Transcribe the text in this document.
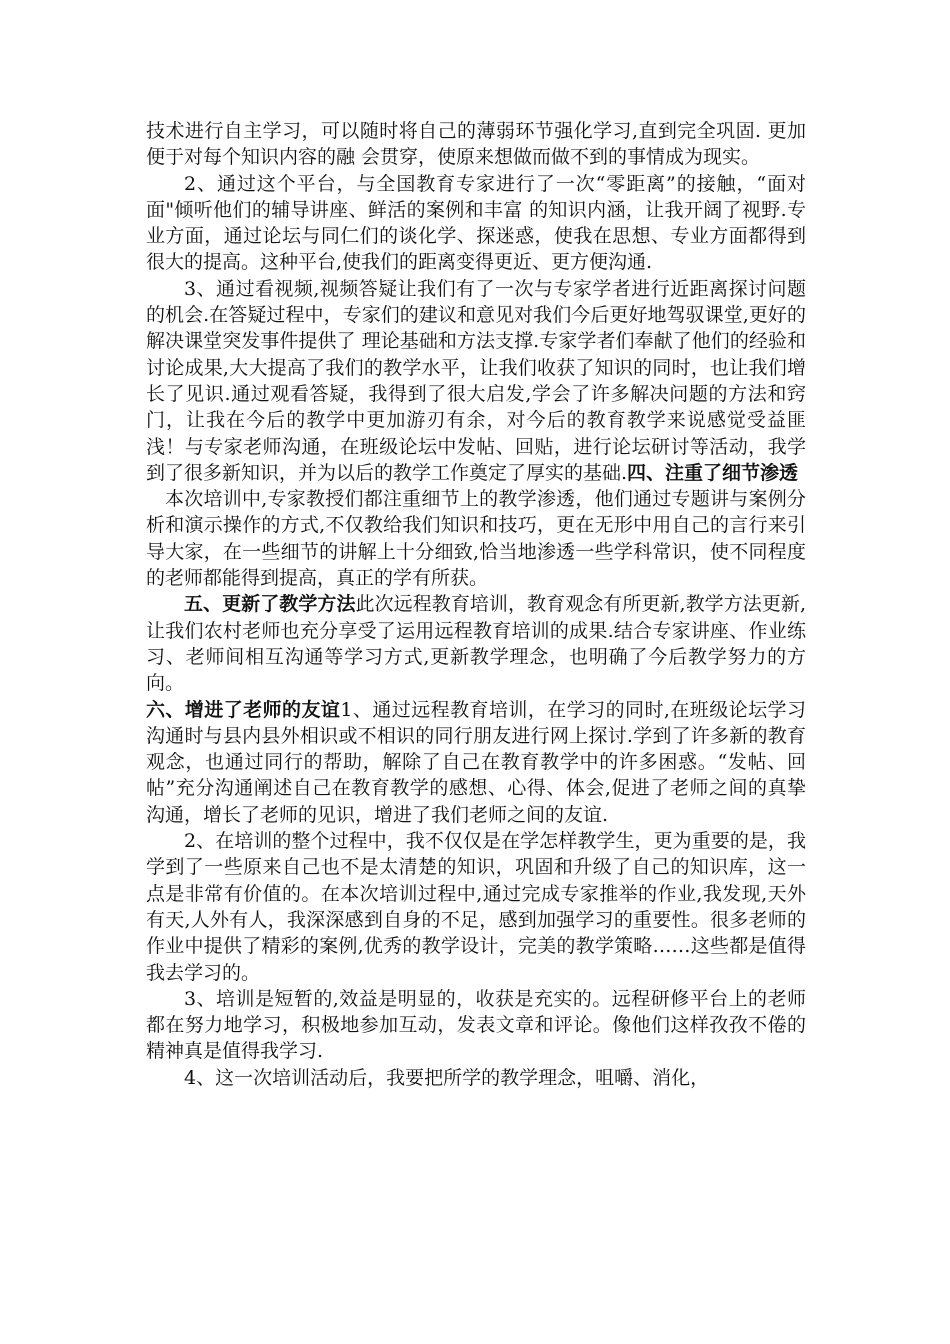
技术进行自主学习，可以随时将自己的薄弱环节强化学习,直到完全巩固. 更加便于对每个知识内容的融 会贯穿，使原来想做而做不到的事情成为现实。

2、通过这个平台，与全国教育专家进行了一次“零距离”的接触，“面对面"倾听他们的辅导讲座、鲜活的案例和丰富 的知识内涵，让我开阔了视野.专业方面，通过论坛与同仁们的谈化学、探迷惑，使我在思想、专业方面都得到很大的提高。这种平台,使我们的距离变得更近、更方便沟通.

3、通过看视频,视频答疑让我们有了一次与专家学者进行近距离探讨问题的机会.在答疑过程中，专家们的建议和意见对我们今后更好地驾驭课堂,更好的解决课堂突发事件提供了 理论基础和方法支撑.专家学者们奉献了他们的经验和讨论成果,大大提高了我们的教学水平，让我们收获了知识的同时，也让我们增长了见识.通过观看答疑，我得到了很大启发,学会了许多解决问题的方法和窍门，让我在今后的教学中更加游刃有余，对今后的教育教学来说感觉受益匪浅！与专家老师沟通，在班级论坛中发帖、回贴，进行论坛研讨等活动，我学到了很多新知识，并为以后的教学工作奠定了厚实的基础.四、注重了细节渗透

本次培训中,专家教授们都注重细节上的教学渗透，他们通过专题讲与案例分析和演示操作的方式,不仅教给我们知识和技巧，更在无形中用自己的言行来引导大家，在一些细节的讲解上十分细致,恰当地渗透一些学科常识，使不同程度的老师都能得到提高，真正的学有所获。

五、更新了教学方法此次远程教育培训，教育观念有所更新,教学方法更新,让我们农村老师也充分享受了运用远程教育培训的成果.结合专家讲座、作业练习、老师间相互沟通等学习方式,更新教学理念，也明确了今后教学努力的方向。

六、增进了老师的友谊1、通过远程教育培训，在学习的同时,在班级论坛学习沟通时与县内县外相识或不相识的同行朋友进行网上探讨.学到了许多新的教育观念，也通过同行的帮助，解除了自己在教育教学中的许多困惑。“发帖、回帖”充分沟通阐述自己在教育教学的感想、心得、体会,促进了老师之间的真挚沟通，增长了老师的见识，增进了我们老师之间的友谊.

2、在培训的整个过程中，我不仅仅是在学怎样教学生，更为重要的是，我学到了一些原来自己也不是太清楚的知识，巩固和升级了自己的知识库，这一点是非常有价值的。在本次培训过程中,通过完成专家推举的作业,我发现,天外有天,人外有人，我深深感到自身的不足，感到加强学习的重要性。很多老师的作业中提供了精彩的案例,优秀的教学设计，完美的教学策略……这些都是值得我去学习的。

3、培训是短暂的,效益是明显的，收获是充实的。远程研修平台上的老师都在努力地学习，积极地参加互动，发表文章和评论。像他们这样孜孜不倦的精神真是值得我学习.

4、这一次培训活动后，我要把所学的教学理念，咀嚼、消化，
